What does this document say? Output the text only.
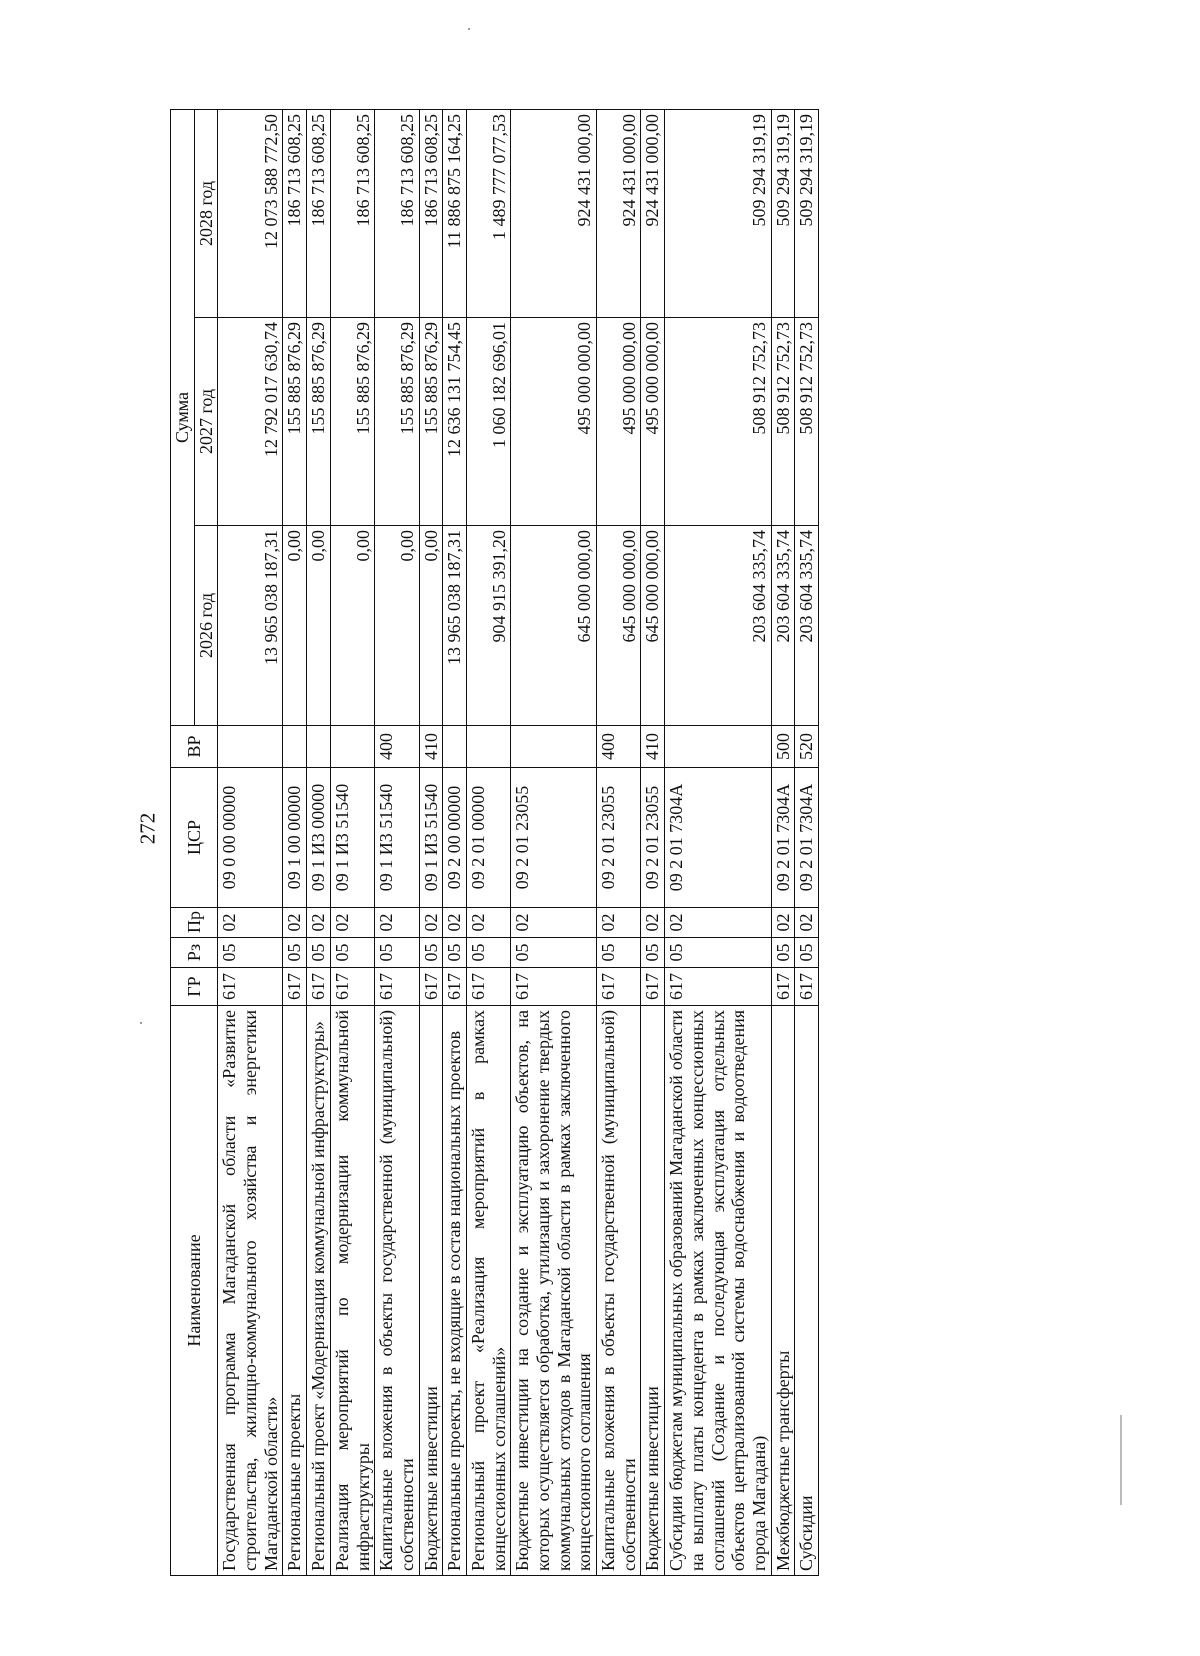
272
Наименование	ГР	Рз	Пр	ЦСР	ВР	Сумма		
						2026 год	2027 год	2028 год
Государственная программа Магаданской области «Развитие строительства, жилищно-коммунального хозяйства и энергетики Магаданской области»	617	05	02	09 0 00 00000		13 965 038 187,31	12 792 017 630,74	12 073 588 772,50
Региональные проекты	617	05	02	09 1 00 00000		0,00	155 885 876,29	186 713 608,25
Региональный проект «Модернизация коммунальной инфраструктуры»	617	05	02	09 1 И3 00000		0,00	155 885 876,29	186 713 608,25
Реализация мероприятий по модернизации коммунальной инфраструктуры	617	05	02	09 1 И3 51540		0,00	155 885 876,29	186 713 608,25
Капитальные вложения в объекты государственной (муниципальной) собственности	617	05	02	09 1 И3 51540	400	0,00	155 885 876,29	186 713 608,25
Бюджетные инвестиции	617	05	02	09 1 И3 51540	410	0,00	155 885 876,29	186 713 608,25
Региональные проекты, не входящие в состав национальных проектов	617	05	02	09 2 00 00000		13 965 038 187,31	12 636 131 754,45	11 886 875 164,25
Региональный проект «Реализация мероприятий в рамках концессионных соглашений»	617	05	02	09 2 01 00000		904 915 391,20	1 060 182 696,01	1 489 777 077,53
Бюджетные инвестиции на создание и эксплуатацию объектов, на которых осуществляется обработка, утилизация и захоронение твердых коммунальных отходов в Магаданской области в рамках заключенного концессионного соглашения	617	05	02	09 2 01 23055		645 000 000,00	495 000 000,00	924 431 000,00
Капитальные вложения в объекты государственной (муниципальной) собственности	617	05	02	09 2 01 23055	400	645 000 000,00	495 000 000,00	924 431 000,00
Бюджетные инвестиции	617	05	02	09 2 01 23055	410	645 000 000,00	495 000 000,00	924 431 000,00
Субсидии бюджетам муниципальных образований Магаданской области на выплату платы концедента в рамках заключенных концессионных соглашений (Создание и последующая эксплуатация отдельных объектов централизованной системы водоснабжения и водоотведения города Магадана)	617	05	02	09 2 01 7304А		203 604 335,74	508 912 752,73	509 294 319,19
Межбюджетные трансферты	617	05	02	09 2 01 7304А	500	203 604 335,74	508 912 752,73	509 294 319,19
Субсидии	617	05	02	09 2 01 7304А	520	203 604 335,74	508 912 752,73	509 294 319,19
